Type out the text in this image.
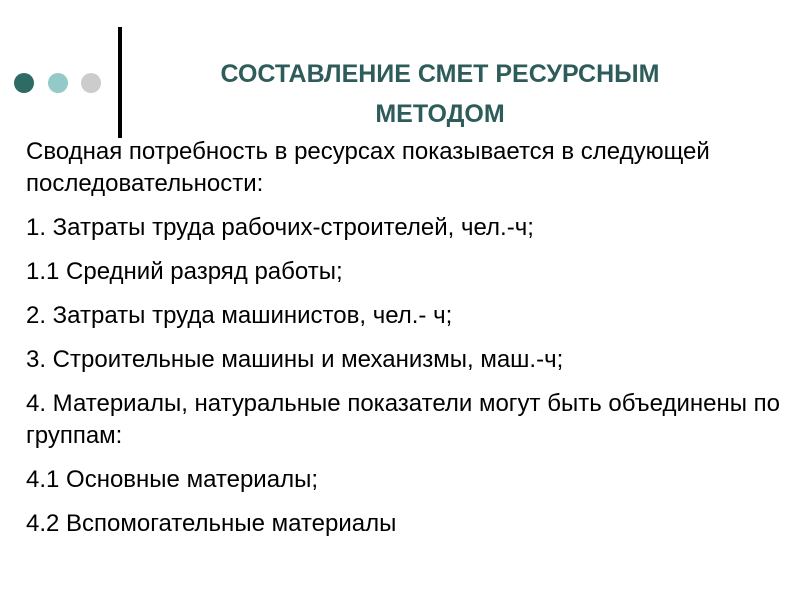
СОСТАВЛЕНИЕ СМЕТ РЕСУРСНЫМ
МЕТОДОМ

Сводная потребность в ресурсах показывается в следующей последовательности:

1. Затраты труда рабочих-строителей, чел.-ч;

1.1 Средний разряд работы;

2. Затраты труда машинистов, чел.- ч;

3. Строительные машины и механизмы, маш.-ч;

4. Материалы, натуральные показатели могут быть объединены по группам:

4.1 Основные материалы;

4.2 Вспомогательные материалы
